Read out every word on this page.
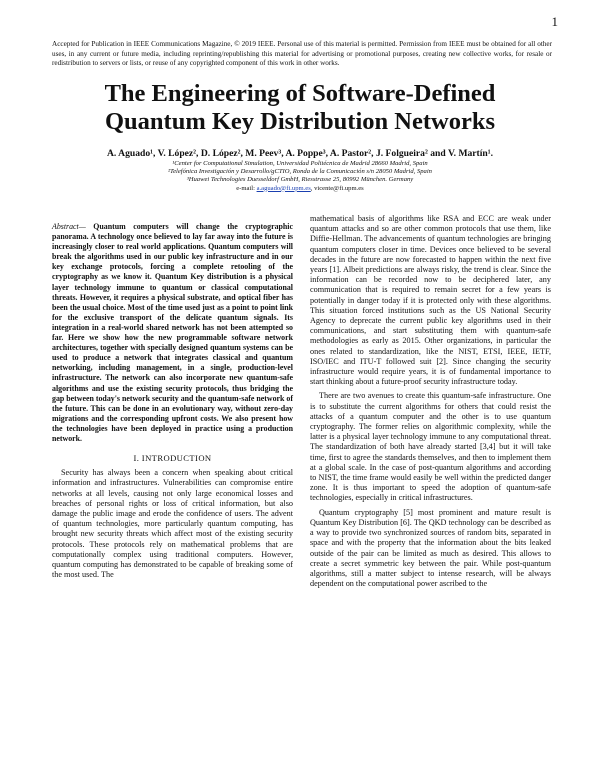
1
Accepted for Publication in IEEE Communications Magazine, © 2019 IEEE. Personal use of this material is permitted. Permission from IEEE must be obtained for all other uses, in any current or future media, including reprinting/republishing this material for advertising or promotional purposes, creating new collective works, for resale or redistribution to servers or lists, or reuse of any copyrighted component of this work in other works.
The Engineering of Software-Defined
Quantum Key Distribution Networks
A. Aguado¹, V. López², D. López², M. Peev³, A. Poppe³, A. Pastor², J. Folgueira² and V. Martín¹.
¹Center for Computational Simulation, Universidad Politécnica de Madrid 28660 Madrid, Spain
²Telefónica Investigación y Desarrollo/gCTIO, Ronda de la Comunicación s/n 28050 Madrid, Spain
³Huawei Technologies Duesseldorf GmbH, Riesstrasse 25, 80992 München. Germany
e-mail: a.aguado@fi.upm.es, vicente@fi.upm.es

Abstract— Quantum computers will change the cryptographic panorama. A technology once believed to lay far away into the future is increasingly closer to real world applications. Quantum computers will break the algorithms used in our public key infrastructure and in our key exchange protocols, forcing a complete retooling of the cryptography as we know it. Quantum Key distribution is a physical layer technology immune to quantum or classical computational threats. However, it requires a physical substrate, and optical fiber has been the usual choice. Most of the time used just as a point to point link for the exclusive transport of the delicate quantum signals. Its integration in a real-world shared network has not been attempted so far. Here we show how the new programmable software network architectures, together with specially designed quantum systems can be used to produce a network that integrates classical and quantum networking, including management, in a single, production-level infrastructure. The network can also incorporate new quantum-safe algorithms and use the existing security protocols, thus bridging the gap between today's network security and the quantum-safe network of the future. This can be done in an evolutionary way, without zero-day migrations and the corresponding upfront costs. We also present how the technologies have been deployed in practice using a production network.

I. INTRODUCTION

Security has always been a concern when speaking about critical information and infrastructures. Vulnerabilities can compromise entire networks at all levels, causing not only large economical losses and breaches of personal rights or loss of critical information, but also damage the public image and erode the confidence of users. The advent of quantum technologies, more particularly quantum computing, has brought new security threats which affect most of the existing security protocols. These protocols rely on mathematical problems that are computationally complex using traditional computers. However, quantum computing has demonstrated to be capable of breaking some of the most used. The

mathematical basis of algorithms like RSA and ECC are weak under quantum attacks and so are other common protocols that use them, like Diffie-Hellman. The advancements of quantum technologies are bringing quantum computers closer in time. Devices once believed to be several decades in the future are now forecasted to happen within the next five years [1]. Albeit predictions are always risky, the trend is clear. Since the information can be recorded now to be deciphered later, any communication that is required to remain secret for a few years is potentially in danger today if it is protected only with these algorithms. This situation forced institutions such as the US National Security Agency to deprecate the current public key algorithms used in their communications, and start substituting them with quantum-safe methodologies as early as 2015. Other organizations, in particular the ones related to standardization, like the NIST, ETSI, IEEE, IETF, ISO/IEC and ITU-T followed suit [2]. Since changing the security infrastructure would require years, it is of fundamental importance to start thinking about a future-proof security infrastructure today.

There are two avenues to create this quantum-safe infrastructure. One is to substitute the current algorithms for others that could resist the attacks of a quantum computer and the other is to use quantum cryptography. The former relies on algorithmic complexity, while the latter is a physical layer technology immune to any computational threat. The standardization of both have already started [3,4] but it will take time, first to agree the standards themselves, and then to implement them at a global scale. In the case of post-quantum algorithms and according to NIST, the time frame would easily be well within the predicted danger zone. It is thus important to speed the adoption of quantum-safe technologies, especially in critical infrastructures.

Quantum cryptography [5] most prominent and mature result is Quantum Key Distribution [6]. The QKD technology can be described as a way to provide two synchronized sources of random bits, separated in space and with the property that the information about the bits leaked outside of the pair can be limited as much as desired. This allows to create a secret symmetric key between the pair. While post-quantum algorithms, still a matter subject to intense research, will be always dependent on the computational power ascribed to the
